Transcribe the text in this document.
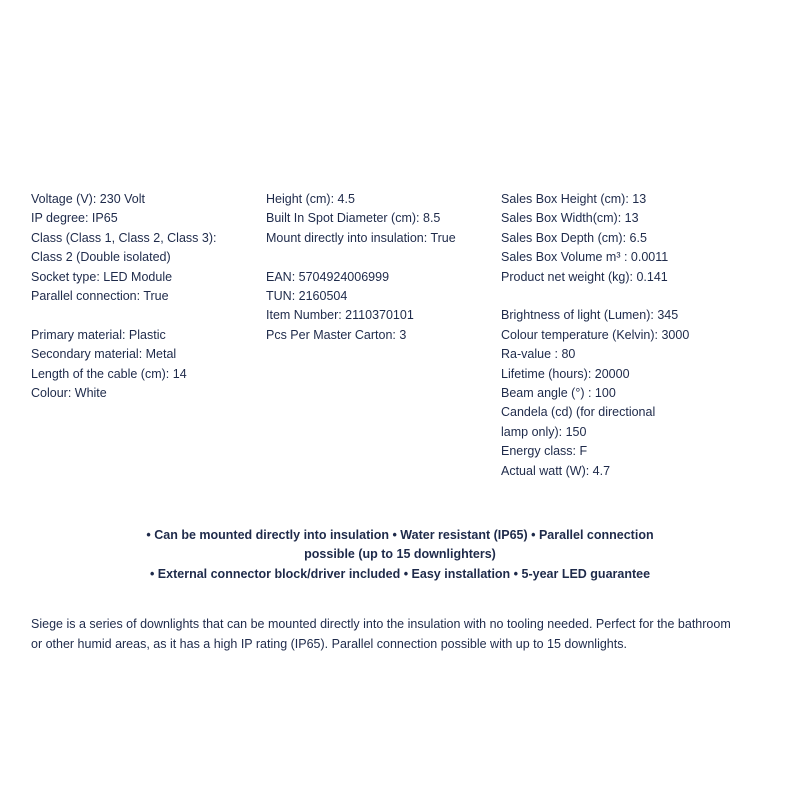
Voltage (V): 230 Volt
IP degree: IP65
Class (Class 1, Class 2, Class 3):
Class 2 (Double isolated)
Socket type: LED Module
Parallel connection: True
Primary material: Plastic
Secondary material: Metal
Length of the cable (cm): 14
Colour: White
Height (cm): 4.5
Built In Spot Diameter (cm): 8.5
Mount directly into insulation: True
EAN: 5704924006999
TUN: 2160504
Item Number: 2110370101
Pcs Per Master Carton: 3
Sales Box Height (cm): 13
Sales Box Width(cm): 13
Sales Box Depth (cm): 6.5
Sales Box Volume m³ : 0.0011
Product net weight (kg): 0.141
Brightness of light (Lumen): 345
Colour temperature (Kelvin): 3000
Ra-value : 80
Lifetime (hours): 20000
Beam angle (°) : 100
Candela (cd) (for directional
lamp only): 150
Energy class: F
Actual watt (W): 4.7
• Can be mounted directly into insulation • Water resistant (IP65) • Parallel connection
possible (up to 15 downlighters)
• External connector block/driver included • Easy installation • 5-year LED guarantee
Siege is a series of downlights that can be mounted directly into the insulation with no tooling needed. Perfect for the bathroom
or other humid areas, as it has a high IP rating (IP65). Parallel connection possible with up to 15 downlights.
